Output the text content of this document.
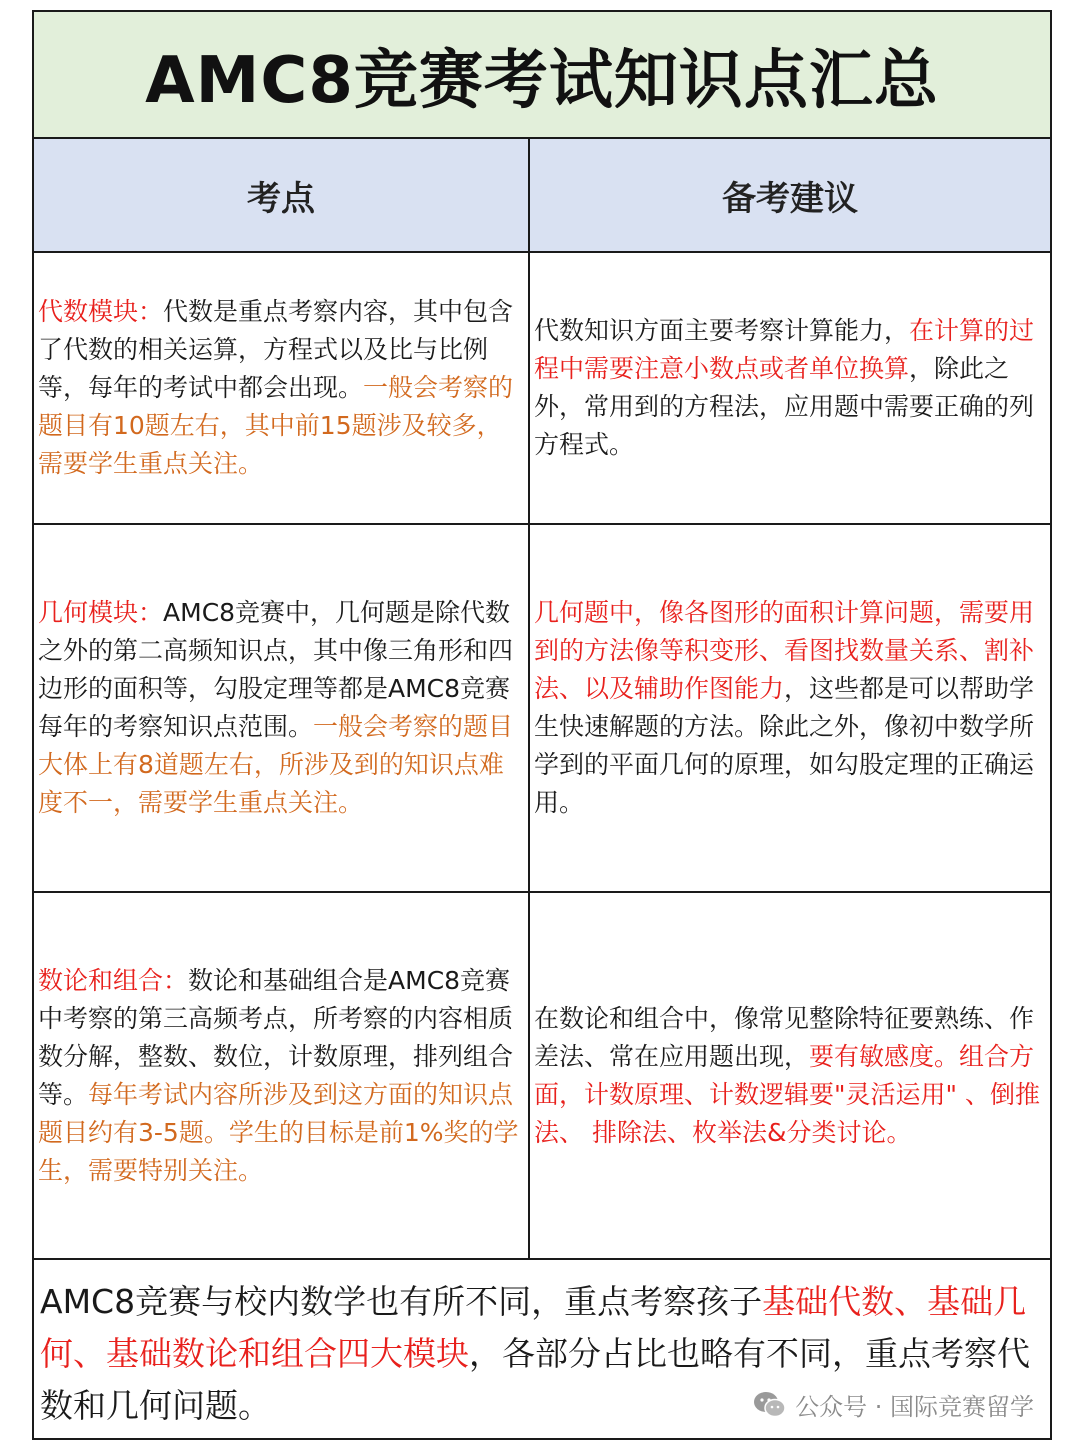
AMC8竞赛考试知识点汇总
考点	备考建议

代数模块：代数是重点考察内容，其中包含了代数的相关运算，方程式以及比与比例等，每年的考试中都会出现。一般会考察的题目有10题左右，其中前15题涉及较多， 需要学生重点关注。

代数知识方面主要考察计算能力，在计算的过程中需要注意小数点或者单位换算，除此之外，常用到的方程法，应用题中需要正确的列方程式。

几何模块：AMC8竞赛中，几何题是除代数之外的第二高频知识点，其中像三角形和四边形的面积等，勾股定理等都是AMC8竞赛每年的考察知识点范围。一般会考察的题目大体上有8道题左右，所涉及到的知识点难度不一，需要学生重点关注。

几何题中，像各图形的面积计算问题，需要用到的方法像等积变形、看图找数量关系、割补法、以及辅助作图能力，这些都是可以帮助学生快速解题的方法。除此之外，像初中数学所学到的平面几何的原理，如勾股定理的正确运用。

数论和组合：数论和基础组合是AMC8竞赛中考察的第三高频考点，所考察的内容相质数分解，整数、数位，计数原理，排列组合等。每年考试内容所涉及到这方面的知识点题目约有3-5题。学生的目标是前1%奖的学生，需要特别关注。

在数论和组合中，像常见整除特征要熟练、作差法、常在应用题出现，要有敏感度。组合方面，计数原理、计数逻辑要"灵活运用" 、倒推法、 排除法、枚举法&分类讨论。

AMC8竞赛与校内数学也有所不同，重点考察孩子基础代数、基础几何、基础数论和组合四大模块，各部分占比也略有不同，重点考察代数和几何问题。	公众号 · 国际竞赛留学
